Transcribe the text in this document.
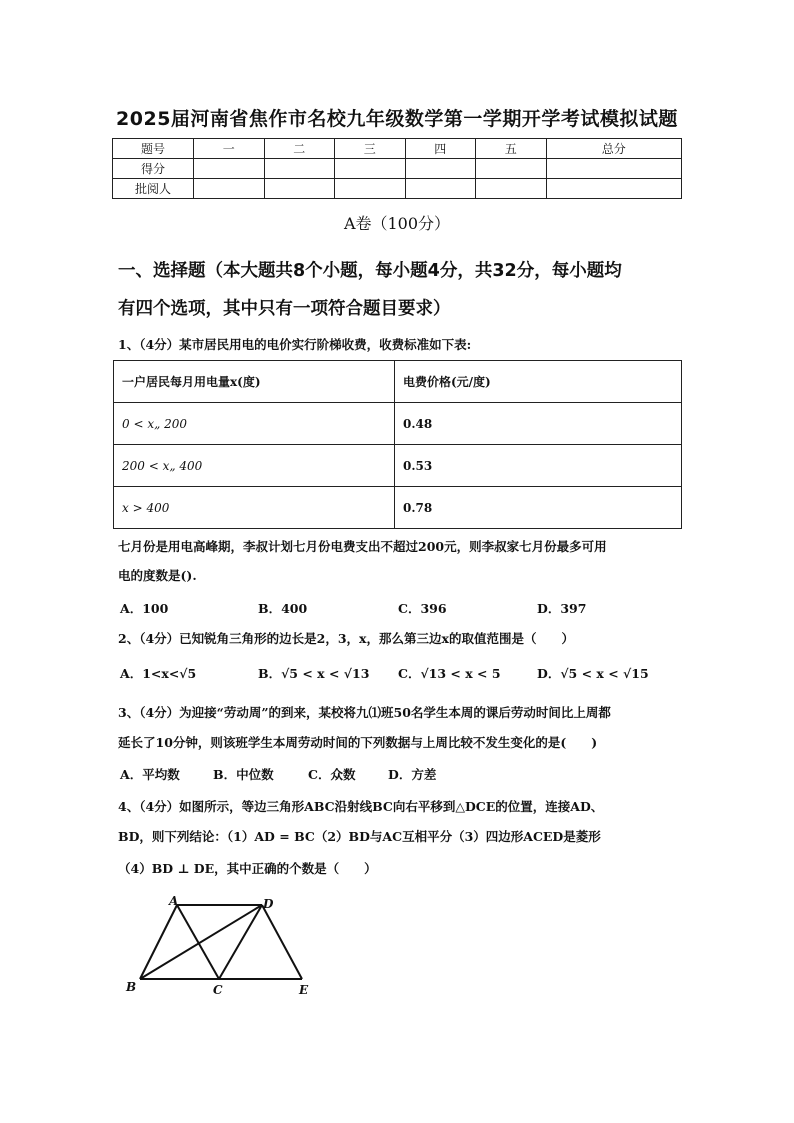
2025届河南省焦作市名校九年级数学第一学期开学考试模拟试题
题号	一	二	三	四	五	总分
得分						
批阅人						
A卷（100分）
一、选择题（本大题共8个小题，每小题4分，共32分，每小题均
有四个选项，其中只有一项符合题目要求）
1、（4分）某市居民用电的电价实行阶梯收费，收费标准如下表:
一户居民每月用电量x(度)	电费价格(元/度)
0 < x„ 200	0.48
200 < x„ 400	0.53
x > 400	0.78
七月份是用电高峰期，李叔计划七月份电费支出不超过200元，则李叔家七月份最多可用
电的度数是().
A．100	B．400	C．396	D．397
2、（4分）已知锐角三角形的边长是2，3，x，那么第三边x的取值范围是（　　）
A．1<x<√5	B．√5 < x < √13 C．√13 < x < 5	D．√5 < x < √15
3、（4分）为迎接“劳动周”的到来，某校将九⑴班50名学生本周的课后劳动时间比上周都
延长了10分钟，则该班学生本周劳动时间的下列数据与上周比较不发生变化的是(　　)
A．平均数	B．中位数	C．众数	D．方差
4、（4分）如图所示，等边三角形ABC沿射线BC向右平移到△DCE的位置，连接AD、
BD，则下列结论：（1）AD = BC（2）BD与AC互相平分（3）四边形ACED是菱形
（4）BD ⊥ DE，其中正确的个数是（　　）
A	D
B	C	E
